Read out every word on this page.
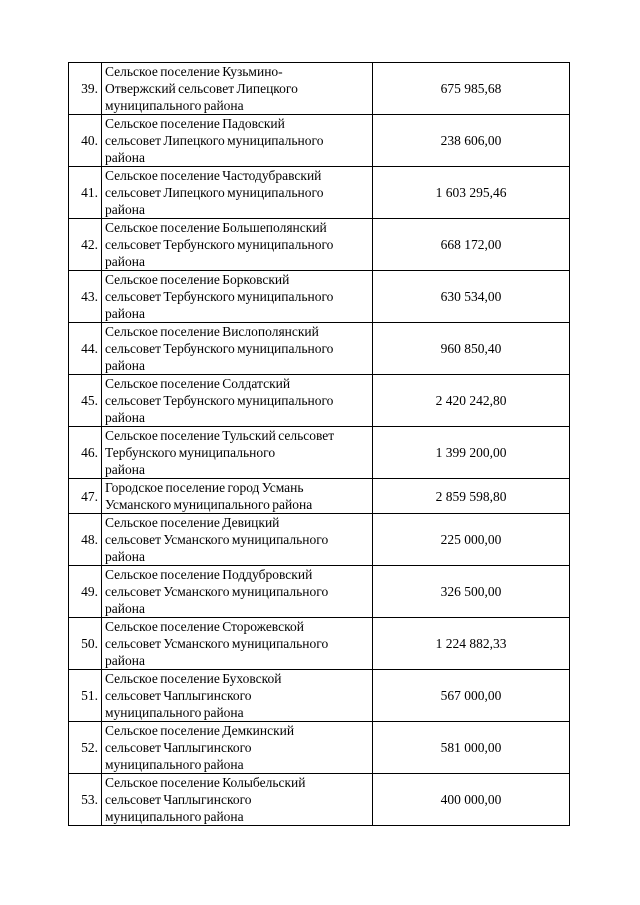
39.	Сельское поселение Кузьмино-
Отвержский сельсовет Липецкого
муниципального района	675 985,68
40.	Сельское поселение Падовский
сельсовет Липецкого муниципального
района	238 606,00
41.	Сельское поселение Частодубравский
сельсовет Липецкого муниципального
района	1 603 295,46
42.	Сельское поселение Большеполянский
сельсовет Тербунского муниципального
района	668 172,00
43.	Сельское поселение Борковский
сельсовет Тербунского муниципального
района	630 534,00
44.	Сельское поселение Вислополянский
сельсовет Тербунского муниципального
района	960 850,40
45.	Сельское поселение Солдатский
сельсовет Тербунского муниципального
района	2 420 242,80
46.	Сельское поселение Тульский сельсовет
Тербунского муниципального
района	1 399 200,00
47.	Городское поселение город Усмань
Усманского муниципального района	2 859 598,80
48.	Сельское поселение Девицкий
сельсовет Усманского муниципального
района	225 000,00
49.	Сельское поселение Поддубровский
сельсовет Усманского муниципального
района	326 500,00
50.	Сельское поселение Сторожевской
сельсовет Усманского муниципального
района	1 224 882,33
51.	Сельское поселение Буховской
сельсовет Чаплыгинского
муниципального района	567 000,00
52.	Сельское поселение Демкинский
сельсовет Чаплыгинского
муниципального района	581 000,00
53.	Сельское поселение Колыбельский
сельсовет Чаплыгинского
муниципального района	400 000,00
